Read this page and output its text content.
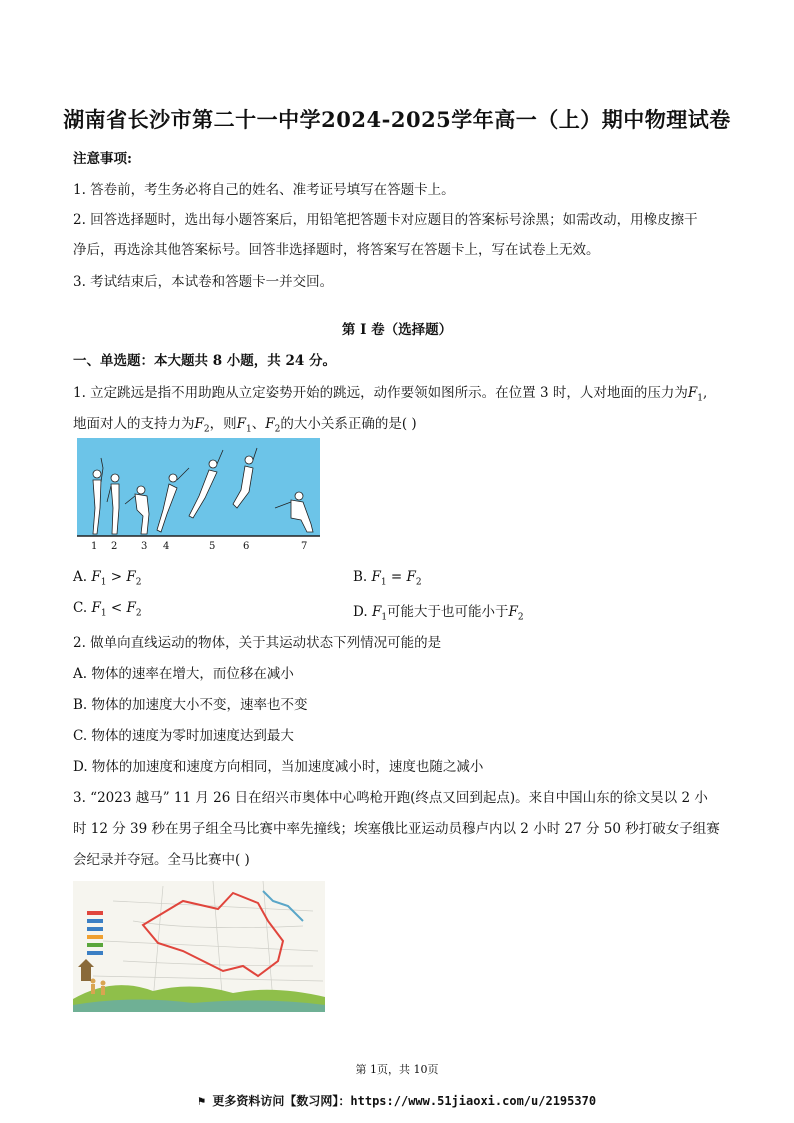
湖南省长沙市第二十一中学2024-2025学年高一（上）期中物理试卷
注意事项:
1. 答卷前，考生务必将自己的姓名、准考证号填写在答题卡上。
2. 回答选择题时，选出每小题答案后，用铅笔把答题卡对应题目的答案标号涂黑；如需改动，用橡皮擦干
净后，再选涂其他答案标号。回答非选择题时，将答案写在答题卡上，写在试卷上无效。
3. 考试结束后，本试卷和答题卡一并交回。
第 I 卷（选择题）
一、单选题：本大题共 8 小题，共 24 分。
1. 立定跳远是指不用助跑从立定姿势开始的跳远，动作要领如图所示。在位置 3 时，人对地面的压力为$F_1$,
地面对人的支持力为$F_2$，则$F_1$、$F_2$的大小关系正确的是( )
1 2 3 4	5	6	7
A. $F_1 > F_2$	B. $F_1 = F_2$
C. $F_1 < F_2$	D. $F_1$可能大于也可能小于$F_2$
2. 做单向直线运动的物体，关于其运动状态下列情况可能的是
A. 物体的速率在增大，而位移在减小
B. 物体的加速度大小不变，速率也不变
C. 物体的速度为零时加速度达到最大
D. 物体的加速度和速度方向相同，当加速度减小时，速度也随之减小
3. “2023 越马” 11 月 26 日在绍兴市奥体中心鸣枪开跑(终点又回到起点)。来自中国山东的徐文昊以 2 小
时 12 分 39 秒在男子组全马比赛中率先撞线；埃塞俄比亚运动员穆卢内以 2 小时 27 分 50 秒打破女子组赛
会纪录并夺冠。全马比赛中( )
第 1页，共 10页
⚑ 更多资料访问【数习网】：https://www.51jiaoxi.com/u/2195370
